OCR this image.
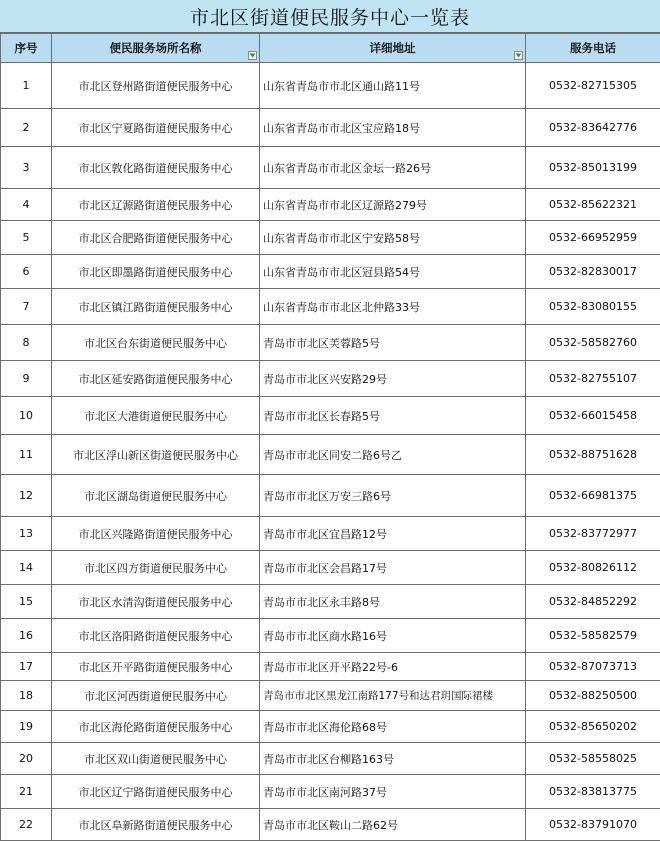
市北区街道便民服务中心一览表
序号	便民服务场所名称	详细地址	服务电话
1	市北区登州路街道便民服务中心	山东省青岛市市北区通山路11号	0532-82715305
2	市北区宁夏路街道便民服务中心	山东省青岛市市北区宝应路18号	0532-83642776
3	市北区敦化路街道便民服务中心	山东省青岛市市北区金坛一路26号	0532-85013199
4	市北区辽源路街道便民服务中心	山东省青岛市市北区辽源路279号	0532-85622321
5	市北区合肥路街道便民服务中心	山东省青岛市市北区宁安路58号	0532-66952959
6	市北区即墨路街道便民服务中心	山东省青岛市市北区冠县路54号	0532-82830017
7	市北区镇江路街道便民服务中心	山东省青岛市市北区北仲路33号	0532-83080155
8	市北区台东街道便民服务中心	青岛市市北区芙蓉路5号	0532-58582760
9	市北区延安路街道便民服务中心	青岛市市北区兴安路29号	0532-82755107
10	市北区大港街道便民服务中心	青岛市市北区长春路5号	0532-66015458
11	市北区浮山新区街道便民服务中心	青岛市市北区同安二路6号乙	0532-88751628
12	市北区湖岛街道便民服务中心	青岛市市北区万安三路6号	0532-66981375
13	市北区兴隆路街道便民服务中心	青岛市市北区宜昌路12号	0532-83772977
14	市北区四方街道便民服务中心	青岛市市北区会昌路17号	0532-80826112
15	市北区水清沟街道便民服务中心	青岛市市北区永丰路8号	0532-84852292
16	市北区洛阳路街道便民服务中心	青岛市市北区商水路16号	0532-58582579
17	市北区开平路街道便民服务中心	青岛市市北区开平路22号-6	0532-87073713
18	市北区河西街道便民服务中心	青岛市市北区黑龙江南路177号和达君玥国际裙楼	0532-88250500
19	市北区海伦路街道便民服务中心	青岛市市北区海伦路68号	0532-85650202
20	市北区双山街道便民服务中心	青岛市市北区台柳路163号	0532-58558025
21	市北区辽宁路街道便民服务中心	青岛市市北区南河路37号	0532-83813775
22	市北区阜新路街道便民服务中心	青岛市市北区鞍山二路62号	0532-83791070
